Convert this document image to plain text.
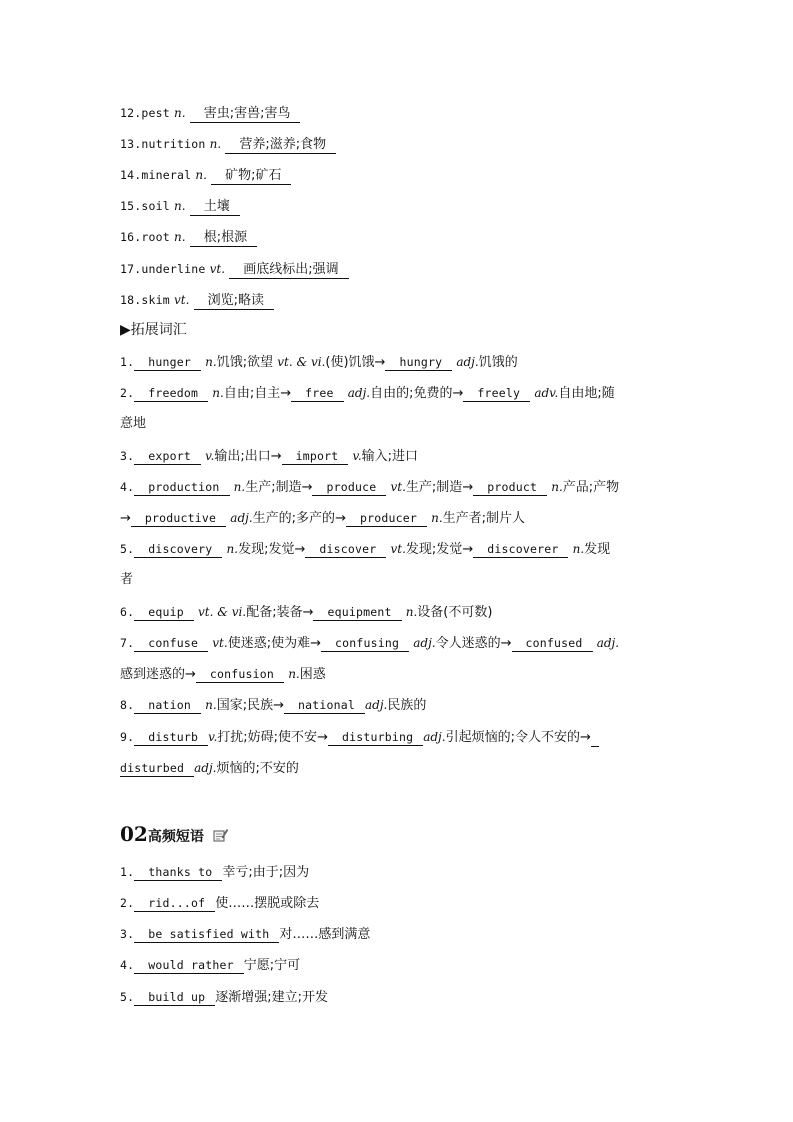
12.pest n. 害虫;害兽;害鸟
13.nutrition n. 营养;滋养;食物
14.mineral n. 矿物;矿石
15.soil n. 土壤
16.root n. 根;根源
17.underline vt. 画底线标出;强调
18.skim vt. 浏览;略读
▶拓展词汇
1. hunger n.饥饿;欲望 vt. & vi.(使)饥饿→ hungry adj.饥饿的
2. freedom n.自由;自主→ free adj.自由的;免费的→ freely adv.自由地;随
意地
3. export v.输出;出口→ import v.输入;进口
4. production n.生产;制造→ produce vt.生产;制造→ product n.产品;产物
→ productive adj.生产的;多产的→ producer n.生产者;制片人
5. discovery n.发现;发觉→ discover vt.发现;发觉→ discoverer n.发现
者
6. equip vt. & vi.配备;装备→ equipment n.设备(不可数)
7. confuse vt.使迷惑;使为难→ confusing adj.令人迷惑的→ confused adj.
感到迷惑的→ confusion n.困惑
8. nation n.国家;民族→ national adj.民族的
9. disturb v.打扰;妨碍;使不安→ disturbing adj.引起烦恼的;令人不安的→
disturbed adj.烦恼的;不安的
02高频短语
1. thanks to 幸亏;由于;因为
2. rid...of 使……摆脱或除去
3. be satisfied with 对……感到满意
4. would rather 宁愿;宁可
5. build up 逐渐增强;建立;开发
